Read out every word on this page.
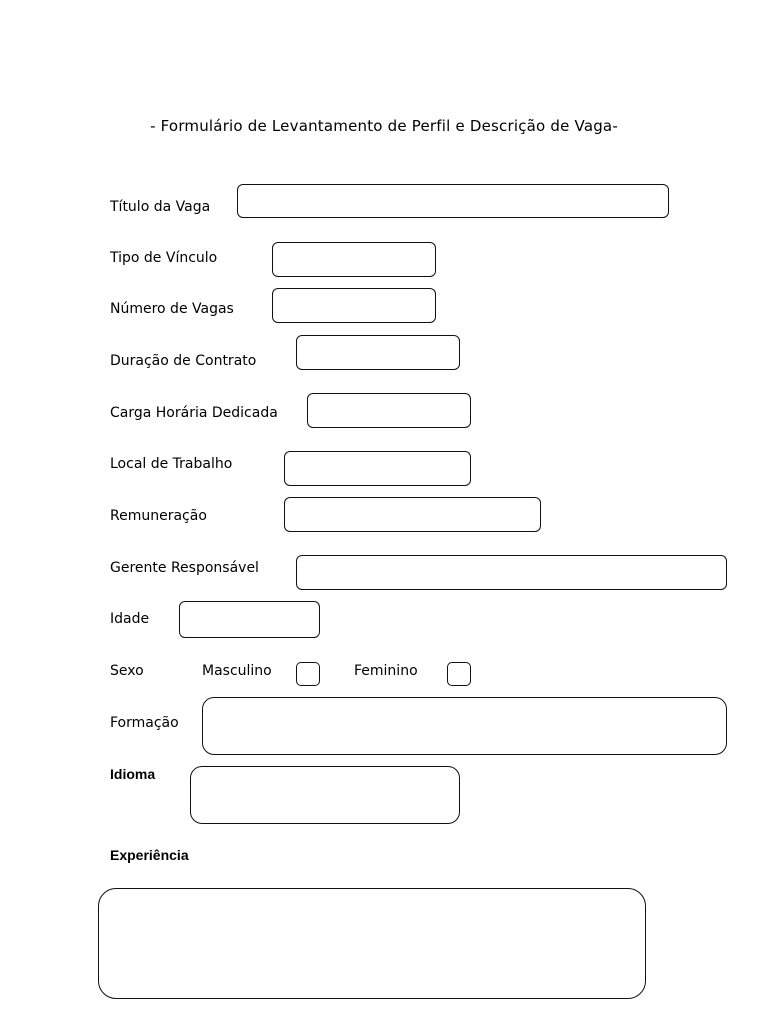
- Formulário de Levantamento de Perfil e Descrição de Vaga-
Título da Vaga
Tipo de Vínculo
Número de Vagas
Duração de Contrato
Carga Horária Dedicada
Local de Trabalho
Remuneração
Gerente Responsável
Idade
Sexo	Masculino	Feminino
Formação
Idioma
Experiência
